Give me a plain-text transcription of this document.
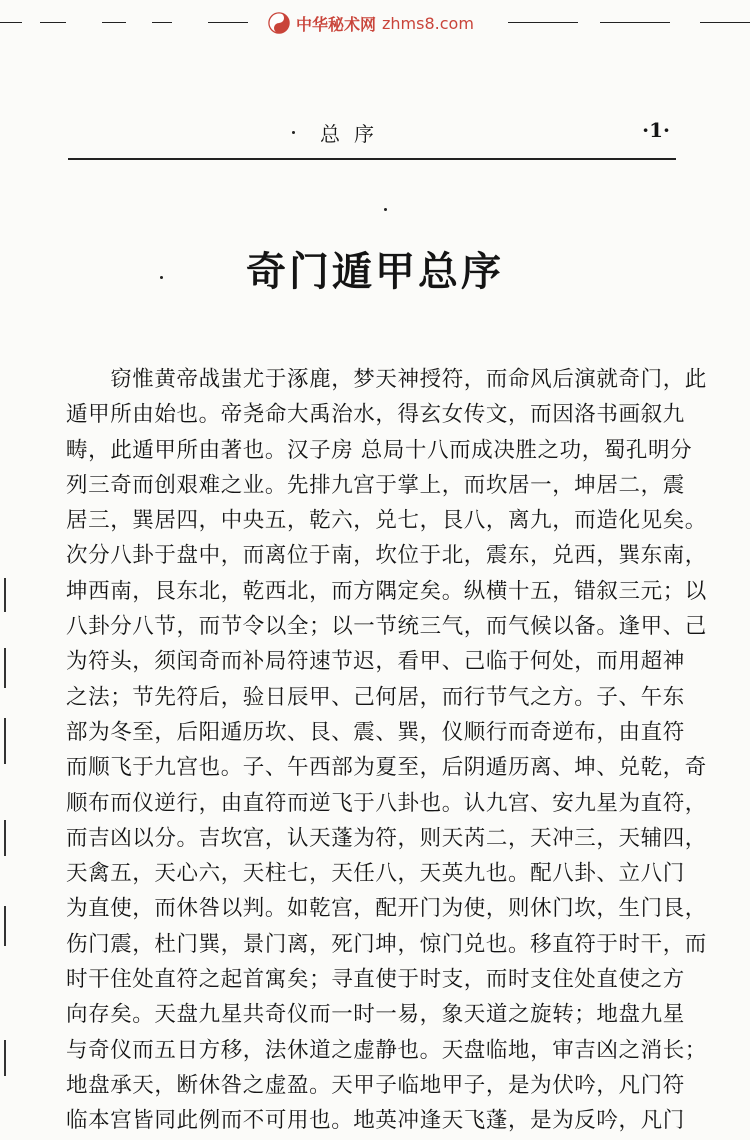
中华秘术网 zhms8.com
总序	·1·
奇门遁甲总序
　　窃惟黄帝战蚩尤于涿鹿，梦天神授符，而命风后演就奇门，此
遁甲所由始也。帝尧命大禹治水，得玄女传文，而因洛书画叙九
畴，此遁甲所由著也。汉子房 总局十八而成决胜之功，蜀孔明分
列三奇而创艰难之业。先排九宫于掌上，而坎居一，坤居二，震
居三，巽居四，中央五，乾六，兑七，艮八，离九，而造化见矣。
次分八卦于盘中，而离位于南，坎位于北，震东，兑西，巽东南，
坤西南，艮东北，乾西北，而方隅定矣。纵横十五，错叙三元；以
八卦分八节，而节令以全；以一节统三气，而气候以备。逢甲、己
为符头，须闰奇而补局符速节迟，看甲、己临于何处，而用超神
之法；节先符后，验日辰甲、己何居，而行节气之方。子、午东
部为冬至，后阳遁历坎、艮、震、巽，仪顺行而奇逆布，由直符
而顺飞于九宫也。子、午西部为夏至，后阴遁历离、坤、兑乾，奇
顺布而仪逆行，由直符而逆飞于八卦也。认九宫、安九星为直符，
而吉凶以分。吉坎宫，认天蓬为符，则天芮二，天冲三，天辅四，
天禽五，天心六，天柱七，天任八，天英九也。配八卦、立八门
为直使，而休咎以判。如乾宫，配开门为使，则休门坎，生门艮，
伤门震，杜门巽，景门离，死门坤，惊门兑也。移直符于时干，而
时干住处直符之起首寓矣；寻直使于时支，而时支住处直使之方
向存矣。天盘九星共奇仪而一时一易，象天道之旋转；地盘九星
与奇仪而五日方移，法休道之虚静也。天盘临地，审吉凶之消长；
地盘承天，断休咎之虚盈。天甲子临地甲子，是为伏吟，凡门符
临本宫皆同此例而不可用也。地英冲逢天飞蓬，是为反吟，凡门
